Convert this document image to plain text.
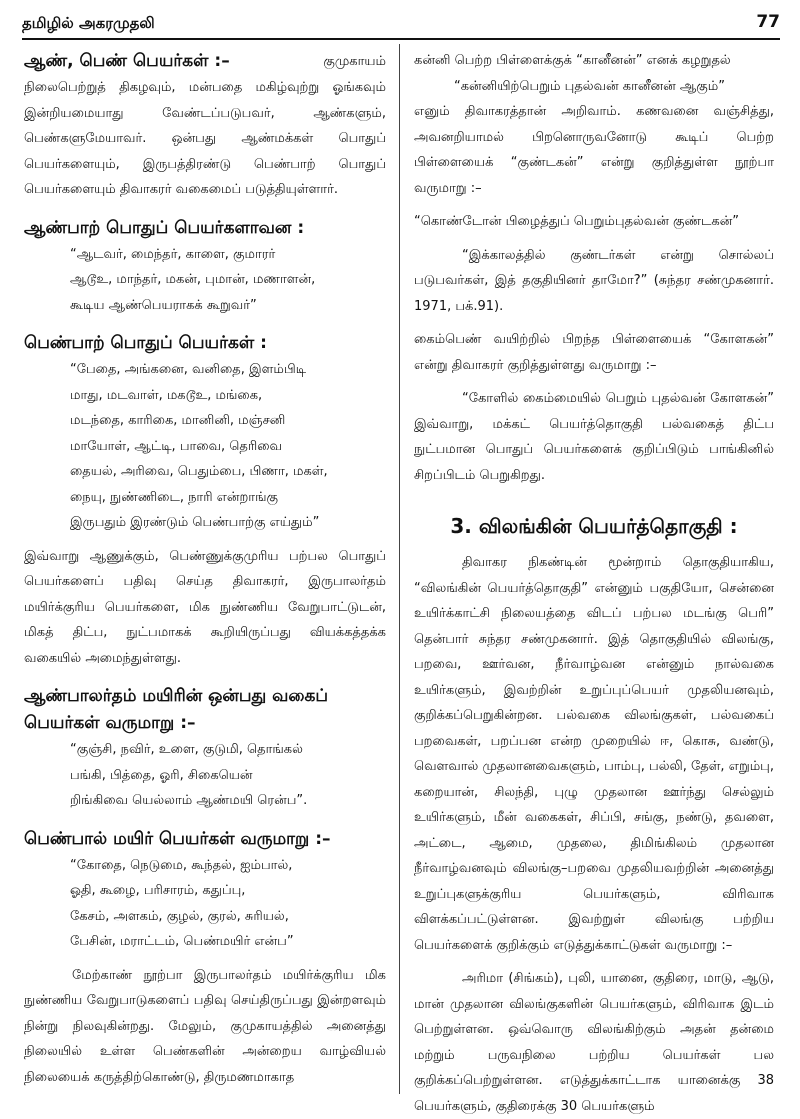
தமிழில் அகரமுதலி	77
ஆண், பெண் பெயர்கள் :–	குமுகாயம்

நிலைபெற்றுத் திகழவும், மன்பதை மகிழ்வுற்று ஓங்கவும் இன்றியமையாது வேண்டப்படுபவர், ஆண்களும், பெண்களுமேயாவர். ஒன்பது ஆண்மக்கள் பொதுப் பெயர்களையும், இருபத்திரண்டு பெண்பாற் பொதுப் பெயர்களையும் திவாகரர் வகைமைப் படுத்தியுள்ளார்.

ஆண்பாற் பொதுப் பெயர்களாவன :
“ஆடவர், மைந்தர், காளை, குமாரர்
ஆடூஉ, மாந்தர், மகன், புமான், மணாளன்,
கூடிய ஆண்பெயராகக் கூறுவர்”
பெண்பாற் பொதுப் பெயர்கள் :
“பேதை, அங்கனை, வனிதை, இளம்பிடி
மாது, மடவாள், மகடூஉ, மங்கை,
மடந்தை, காரிகை, மானினி, மஞ்சனி
மாயோள், ஆட்டி, பாவை, தெரிவை
தையல், அரிவை, பெதும்பை, பிணா, மகள்,
நையு, நுண்ணிடை, நாரி என்றாங்கு
இருபதும் இரண்டும் பெண்பாற்கு எய்தும்”

இவ்வாறு ஆணுக்கும், பெண்ணுக்குமுரிய பற்பல பொதுப் பெயர்களைப் பதிவு செய்த திவாகரர், இருபாலர்தம் மயிர்க்குரிய பெயர்களை, மிக நுண்ணிய வேறுபாட்டுடன், மிகத் திட்ப, நுட்பமாகக் கூறியிருப்பது வியக்கத்தக்க வகையில் அமைந்துள்ளது.

ஆண்பாலர்தம் மயிரின் ஒன்பது வகைப் பெயர்கள் வருமாறு :–
“குஞ்சி, நவிர், உளை, குடுமி, தொங்கல்
பங்கி, பித்தை, ஓரி, சிகையென்
றிங்கிவை யெல்லாம் ஆண்மயி ரென்ப”.
பெண்பால் மயிர் பெயர்கள் வருமாறு :–
“கோதை, நெடுமை, கூந்தல், ஐம்பால்,
ஓதி, கூழை, பரிசாரம், கதுப்பு,
கேசம், அளகம், குழல், குரல், சுரியல்,
பேசின், மராட்டம், பெண்மயிர் என்ப”

மேற்காண் நூற்பா இருபாலர்தம் மயிர்க்குரிய மிக நுண்ணிய வேறுபாடுகளைப் பதிவு செய்திருப்பது இன்றளவும் நின்று நிலவுகின்றது. மேலும், குமுகாயத்தில் அனைத்து நிலையில் உள்ள பெண்களின் அன்றைய வாழ்வியல் நிலையைக் கருத்திற்கொண்டு, திருமணமாகாத

கன்னி பெற்ற பிள்ளைக்குக் “கானீனன்” எனக் கழறுதல்

“கன்னியிற்பெறும் புதல்வன் கானீனன் ஆகும்”

எனும் திவாகரத்தான் அறிவாம். கணவனை வஞ்சித்து, அவனறியாமல் பிறனொருவனோடு கூடிப் பெற்ற பிள்ளையைக் “குண்டகன்” என்று குறித்துள்ள நூற்பா வருமாறு :–

“கொண்டோன் பிழைத்துப் பெறும்புதல்வன் குண்டகன்”

“இக்காலத்தில் குண்டர்கள் என்று சொல்லப் படுபவர்கள், இத் தகுதியினர் தாமோ?” (சுந்தர சண்முகனார். 1971, பக்.91).

கைம்பெண் வயிற்றில் பிறந்த பிள்ளையைக் “கோளகன்” என்று திவாகரர் குறித்துள்ளது வருமாறு :–

“கோளில் கைம்மையில் பெறும் புதல்வன் கோளகன்” இவ்வாறு, மக்கட் பெயர்த்தொகுதி பல்வகைத் திட்ப நுட்பமான பொதுப் பெயர்களைக் குறிப்பிடும் பாங்கினில் சிறப்பிடம் பெறுகிறது.

3. விலங்கின் பெயர்த்தொகுதி :

திவாகர நிகண்டின் மூன்றாம் தொகுதியாகிய, “விலங்கின் பெயர்த்தொகுதி” என்னும் பகுதியோ, சென்னை உயிர்க்காட்சி நிலையத்தை விடப் பற்பல மடங்கு பெரி” தென்பார் சுந்தர சண்முகனார். இத் தொகுதியில் விலங்கு, பறவை, ஊர்வன, நீர்வாழ்வன என்னும் நால்வகை உயிர்களும், இவற்றின் உறுப்புப்பெயர் முதலியனவும், குறிக்கப்பெறுகின்றன. பல்வகை விலங்குகள், பல்வகைப் பறவைகள், பறப்பன என்ற முறையில் ஈ, கொசு, வண்டு, வௌவால் முதலானவைகளும், பாம்பு, பல்லி, தேள், எறும்பு, கறையான், சிலந்தி, புழு முதலான ஊர்ந்து செல்லும் உயிர்களும், மீன் வகைகள், சிப்பி, சங்கு, நண்டு, தவளை, அட்டை, ஆமை, முதலை, திமிங்கிலம் முதலான நீர்வாழ்வனவும் விலங்கு–பறவை முதலியவற்றின் அனைத்து உறுப்புகளுக்குரிய பெயர்களும், விரிவாக விளக்கப்பட்டுள்ளன. இவற்றுள் விலங்கு பற்றிய பெயர்களைக் குறிக்கும் எடுத்துக்காட்டுகள் வருமாறு :–

அரிமா (சிங்கம்), புலி, யானை, குதிரை, மாடு, ஆடு, மான் முதலான விலங்குகளின் பெயர்களும், விரிவாக இடம் பெற்றுள்ளன. ஒவ்வொரு விலங்கிற்கும் அதன் தன்மை மற்றும் பருவநிலை பற்றிய பெயர்கள் பல குறிக்கப்பெற்றுள்ளன. எடுத்துக்காட்டாக யானைக்கு 38 பெயர்களும், குதிரைக்கு 30 பெயர்களும்
